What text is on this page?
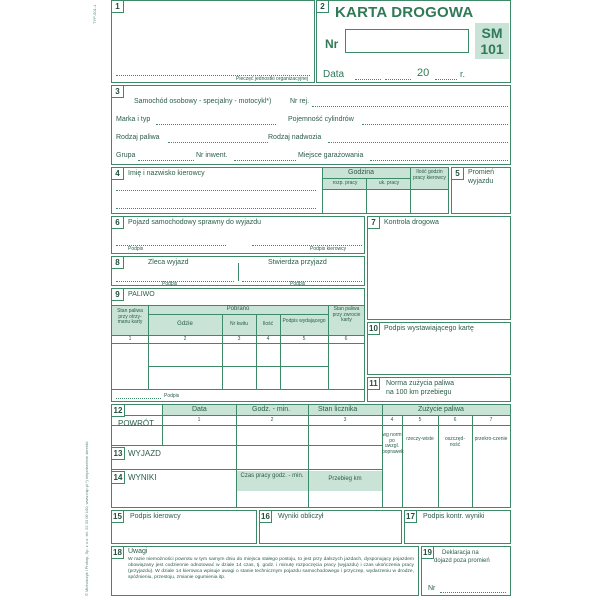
© Michalczyk i Prokop, Sp. z o.o. tel. 22 33 06 100, www.mip.pl *) niepotrzebne skreślić
TYP-501-1	1
Pieczęć jednostki organizacyjnej
2 KARTA DROGOWA
Nr
Data	20	r.
SM
101
3
Samochód osobowy - specjalny - motocykl*)	Nr rej.
Marka i typ	Pojemność cylindrów
Rodzaj paliwa	Rodzaj nadwozia
Grupa	Nr inwent.	Miejsce garażowania
4	Imię i nazwisko kierowcy	Godzina
rozp. pracy	uk. pracy
Ilość godzin pracy kierowcy	5	Promień
wyjazdu
6	Pojazd samochodowy sprawny do wyjazdu
Podpis	Podpis kierowcy
7	Kontrola drogowa
8	Zleca wyjazd	Stwierdza przyjazd
Podpis	Podpis
9	PALIWO
Stan paliwa przy otrzy-manu karty
Pobrano
Gdzie	Nr kwitu	Ilość	Podpis wydającego
Stan paliwa przy zwrocie karty
1	2	3	4	5	6
Podpis
10 Podpis wystawiającego kartę
11	Norma zużycia paliwa
na 100 km przebiegu
12
POWRÓT
Data	Godz. - min.	Stan licznika	Zużycie paliwa
1	2	3	4	5	6	7
wg norm po uwzgl. poprawek
rzeczy-wiste	oszczęd-ność
przekro-czenie
13 WYJAZD
14 WYNIKI	Czas pracy godz. - min.	Przebieg km
15 Podpis kierowcy	16 Wyniki obliczył	17 Podpis kontr. wyniki
18 Uwagi
W razie niemożności powrotu w tym samym dniu do miejsca stałego postoju, to jest przy dalszych jazdach, dysponujący pojazdem obowiązany jest codziennie odnotować w dziale 14 czas, tj. godz. i minutę rozpoczęcia pracy (wyjazdu) i czas ukończenia pracy (przyjazdu). W dziale 14 kierowca wpisuje uwagi o stanie technicznym pojazdu samochodowego i przyczep, wydarzeniu w drodze, spóźnieniu, przestoju, zmianie ogumienia itp.
19	Deklaracja na
dojazd poza promień
Nr
